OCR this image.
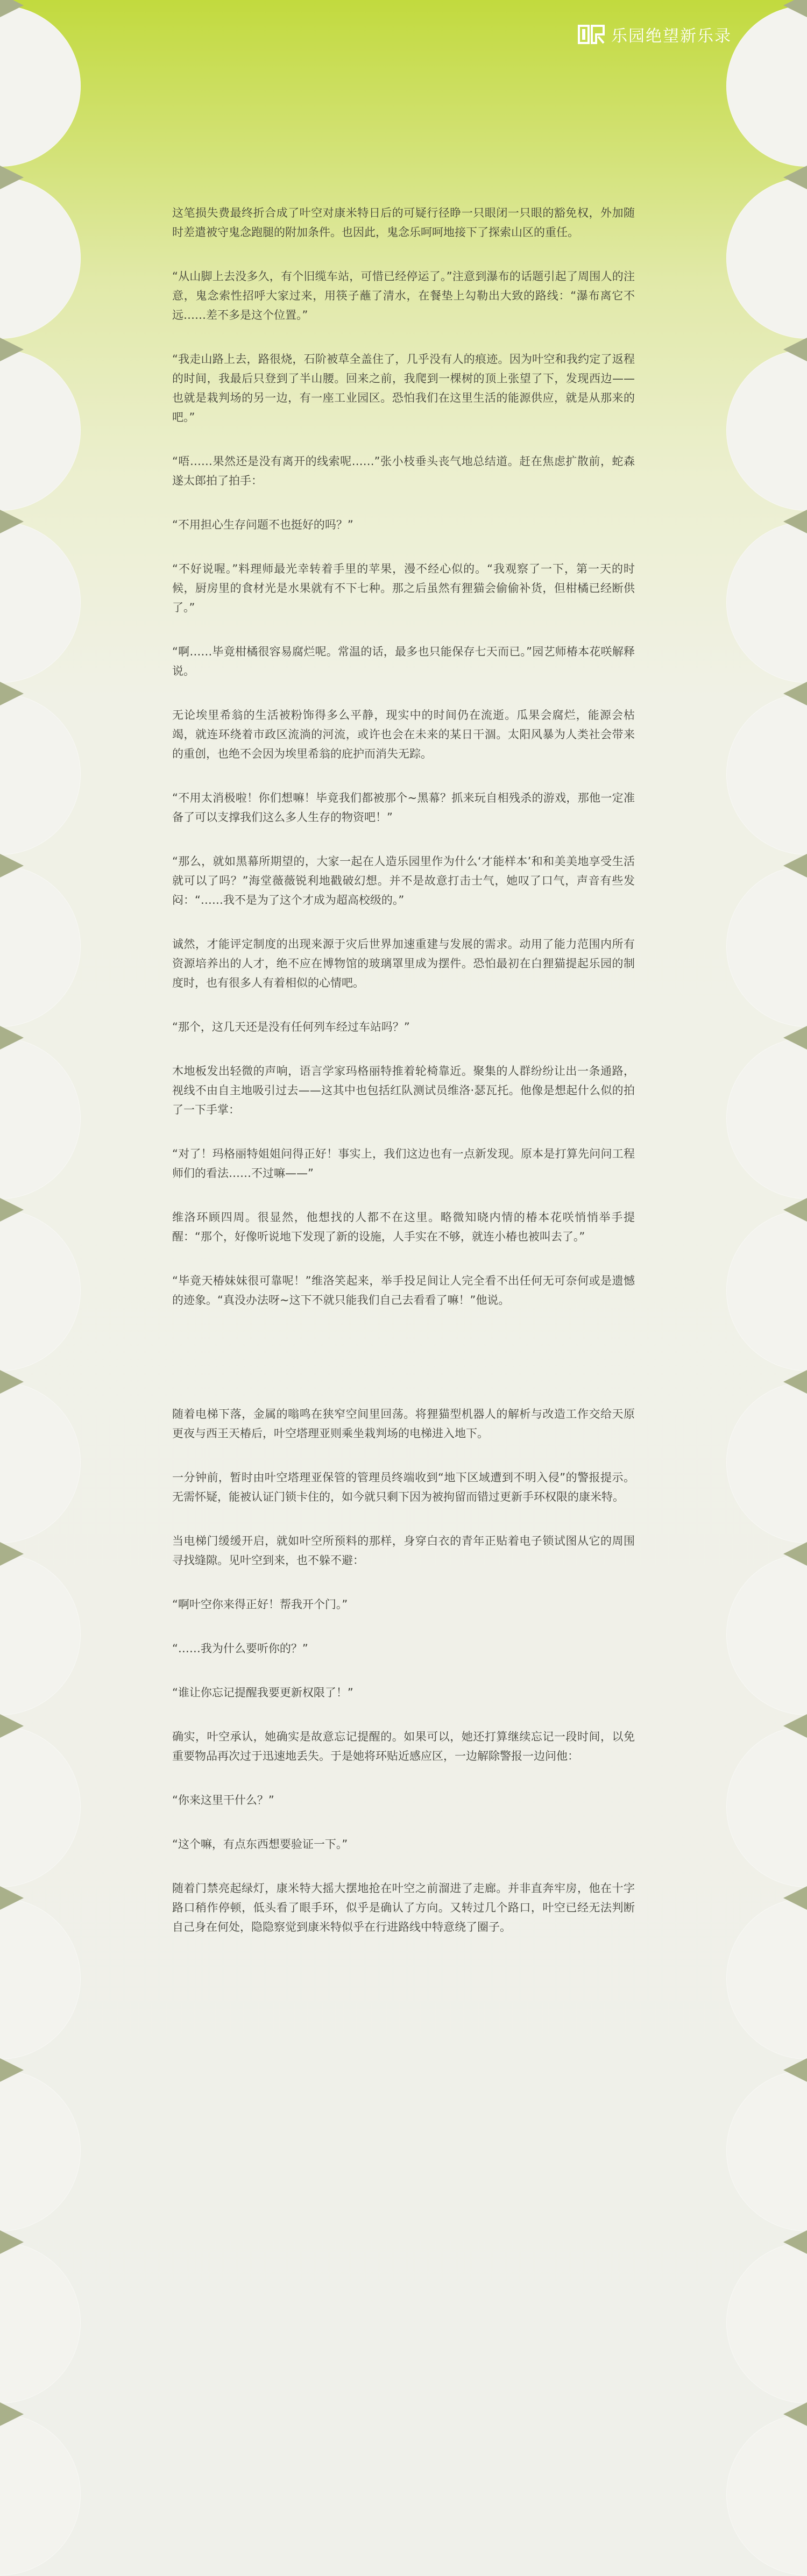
乐园绝望新乐录

这笔损失费最终折合成了叶空对康米特日后的可疑行径睁一只眼闭一只眼的豁免权，外加随时差遣被守鬼念跑腿的附加条件。也因此，鬼念乐呵呵地接下了探索山区的重任。

“从山脚上去没多久，有个旧缆车站，可惜已经停运了。”注意到瀑布的话题引起了周围人的注意，鬼念索性招呼大家过来，用筷子蘸了清水，在餐垫上勾勒出大致的路线：“瀑布离它不远……差不多是这个位置。”

“我走山路上去，路很烧，石阶被草全盖住了，几乎没有人的痕迹。因为叶空和我约定了返程的时间，我最后只登到了半山腰。回来之前，我爬到一棵树的顶上张望了下，发现西边——也就是栽判场的另一边，有一座工业园区。恐怕我们在这里生活的能源供应，就是从那来的吧。”

“唔……果然还是没有离开的线索呢……”张小枝垂头丧气地总结道。赶在焦虑扩散前，蛇森遂太郎拍了拍手：

“不用担心生存问题不也挺好的吗？”

“不好说喔。”料理师最光幸转着手里的苹果，漫不经心似的。“我观察了一下，第一天的时候，厨房里的食材光是水果就有不下七种。那之后虽然有狸猫会偷偷补货，但柑橘已经断供了。”

“啊……毕竟柑橘很容易腐烂呢。常温的话，最多也只能保存七天而已。”园艺师椿本花咲解释说。

无论埃里希翁的生活被粉饰得多么平静，现实中的时间仍在流逝。瓜果会腐烂，能源会枯竭，就连环绕着市政区流淌的河流，或许也会在未来的某日干涸。太阳风暴为人类社会带来的重创，也绝不会因为埃里希翁的庇护而消失无踪。

“不用太消极啦！你们想嘛！毕竟我们都被那个~黑幕？抓来玩自相残杀的游戏，那他一定准备了可以支撑我们这么多人生存的物资吧！”

“那么，就如黑幕所期望的，大家一起在人造乐园里作为什么‘才能样本’和和美美地享受生活就可以了吗？”海堂薇薇锐利地戳破幻想。并不是故意打击士气，她叹了口气，声音有些发闷：“……我不是为了这个才成为超高校级的。”

诚然，才能评定制度的出现来源于灾后世界加速重建与发展的需求。动用了能力范围内所有资源培养出的人才，绝不应在博物馆的玻璃罩里成为摆件。恐怕最初在白狸猫提起乐园的制度时，也有很多人有着相似的心情吧。

“那个，这几天还是没有任何列车经过车站吗？”

木地板发出轻微的声响，语言学家玛格丽特推着轮椅靠近。聚集的人群纷纷让出一条通路，视线不由自主地吸引过去——这其中也包括红队测试员维洛·瑟瓦托。他像是想起什么似的拍了一下手掌：

“对了！玛格丽特姐姐问得正好！事实上，我们这边也有一点新发现。原本是打算先问问工程师们的看法……不过嘛——”

维洛环顾四周。很显然，他想找的人都不在这里。略微知晓内情的椿本花咲悄悄举手提醒：“那个，好像听说地下发现了新的设施，人手实在不够，就连小椿也被叫去了。”

“毕竟天椿妹妹很可靠呢！”维洛笑起来，举手投足间让人完全看不出任何无可奈何或是遗憾的迹象。“真没办法呀~这下不就只能我们自己去看看了嘛！”他说。

随着电梯下落，金属的嗡鸣在狭窄空间里回荡。将狸猫型机器人的解析与改造工作交给天原更夜与西王天椿后，叶空塔理亚则乘坐栽判场的电梯进入地下。

一分钟前，暂时由叶空塔理亚保管的管理员终端收到“地下区域遭到不明入侵”的警报提示。无需怀疑，能被认证门锁卡住的，如今就只剩下因为被拘留而错过更新手环权限的康米特。

当电梯门缓缓开启，就如叶空所预料的那样，身穿白衣的青年正贴着电子锁试图从它的周围寻找缝隙。见叶空到来，也不躲不避：

“啊叶空你来得正好！帮我开个门。”

“……我为什么要听你的？”

“谁让你忘记提醒我要更新权限了！”

确实，叶空承认，她确实是故意忘记提醒的。如果可以，她还打算继续忘记一段时间，以免重要物品再次过于迅速地丢失。于是她将环贴近感应区，一边解除警报一边问他：

“你来这里干什么？”

“这个嘛，有点东西想要验证一下。”

随着门禁亮起绿灯，康米特大摇大摆地抢在叶空之前溜进了走廊。并非直奔牢房，他在十字路口稍作停顿，低头看了眼手环，似乎是确认了方向。又转过几个路口，叶空已经无法判断自己身在何处，隐隐察觉到康米特似乎在行进路线中特意绕了圈子。
